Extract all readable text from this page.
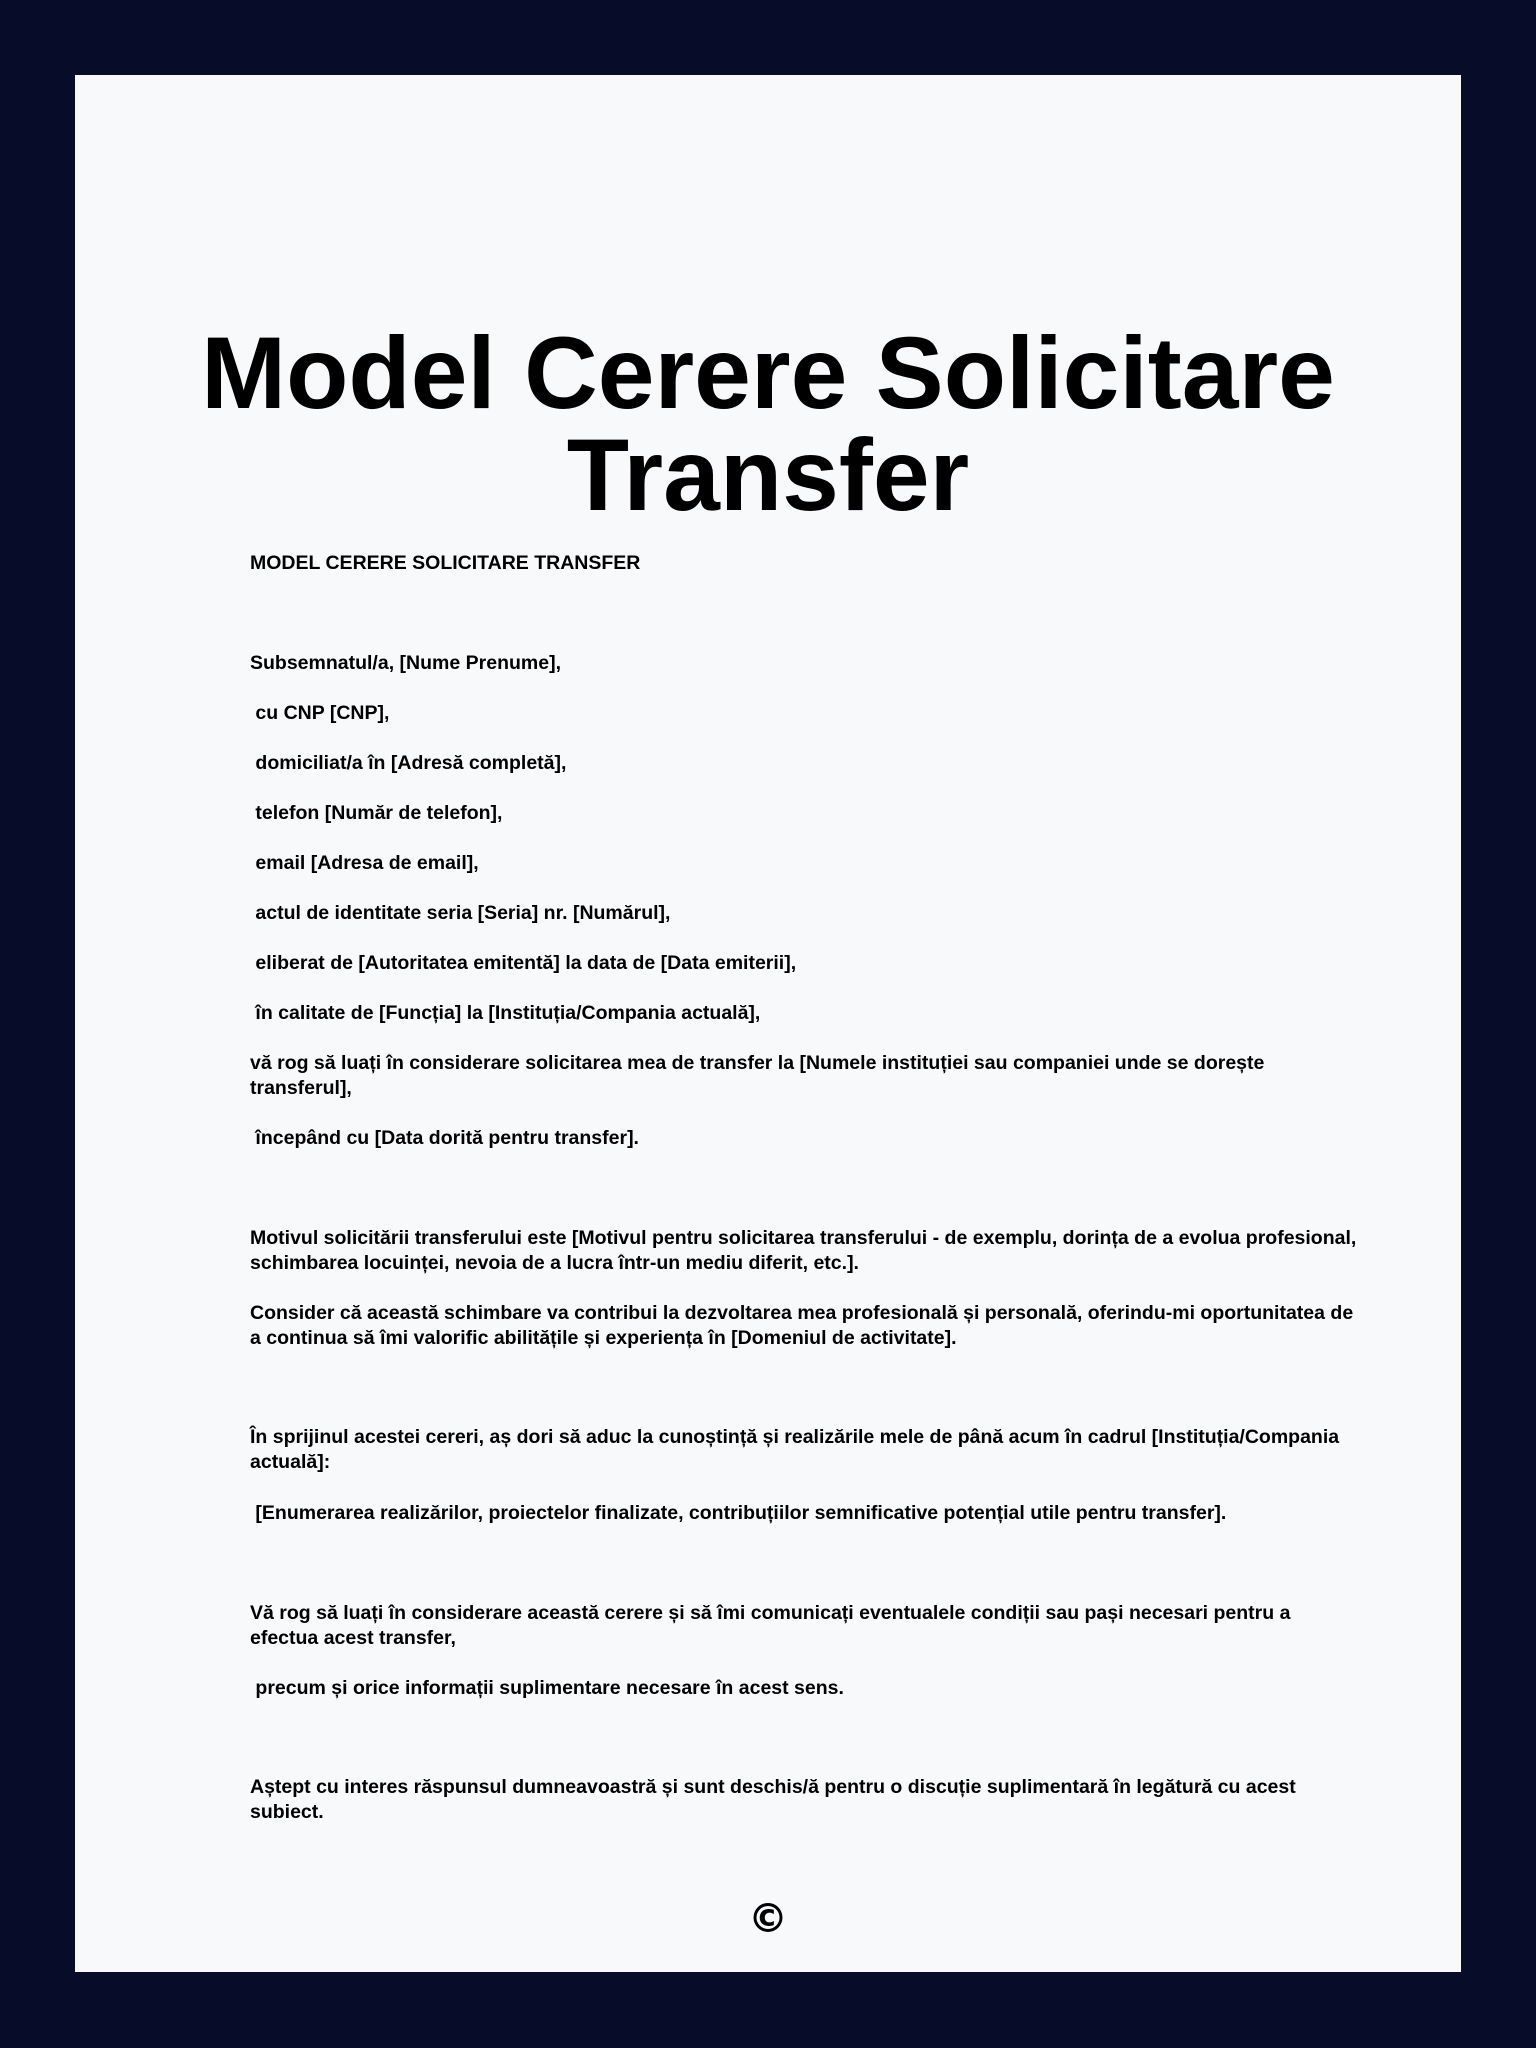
Model Cerere Solicitare Transfer

MODEL CERERE SOLICITARE TRANSFER

Subsemnatul/a, [Nume Prenume],

cu CNP [CNP],

domiciliat/a în [Adresă completă],

telefon [Număr de telefon],

email [Adresa de email],

actul de identitate seria [Seria] nr. [Numărul],

eliberat de [Autoritatea emitentă] la data de [Data emiterii],

în calitate de [Funcția] la [Instituția/Compania actuală],

vă rog să luați în considerare solicitarea mea de transfer la [Numele instituției sau companiei unde se dorește transferul],

începând cu [Data dorită pentru transfer].

Motivul solicitării transferului este [Motivul pentru solicitarea transferului - de exemplu, dorința de a evolua profesional, schimbarea locuinței, nevoia de a lucra într-un mediu diferit, etc.].

Consider că această schimbare va contribui la dezvoltarea mea profesională și personală, oferindu-mi oportunitatea de a continua să îmi valorific abilitățile și experiența în [Domeniul de activitate].

În sprijinul acestei cereri, aș dori să aduc la cunoștință și realizările mele de până acum în cadrul [Instituția/Compania actuală]:

[Enumerarea realizărilor, proiectelor finalizate, contribuțiilor semnificative potențial utile pentru transfer].

Vă rog să luați în considerare această cerere și să îmi comunicați eventualele condiții sau pași necesari pentru a efectua acest transfer,

precum și orice informații suplimentare necesare în acest sens.

Aștept cu interes răspunsul dumneavoastră și sunt deschis/ă pentru o discuție suplimentară în legătură cu acest subiect.

©
